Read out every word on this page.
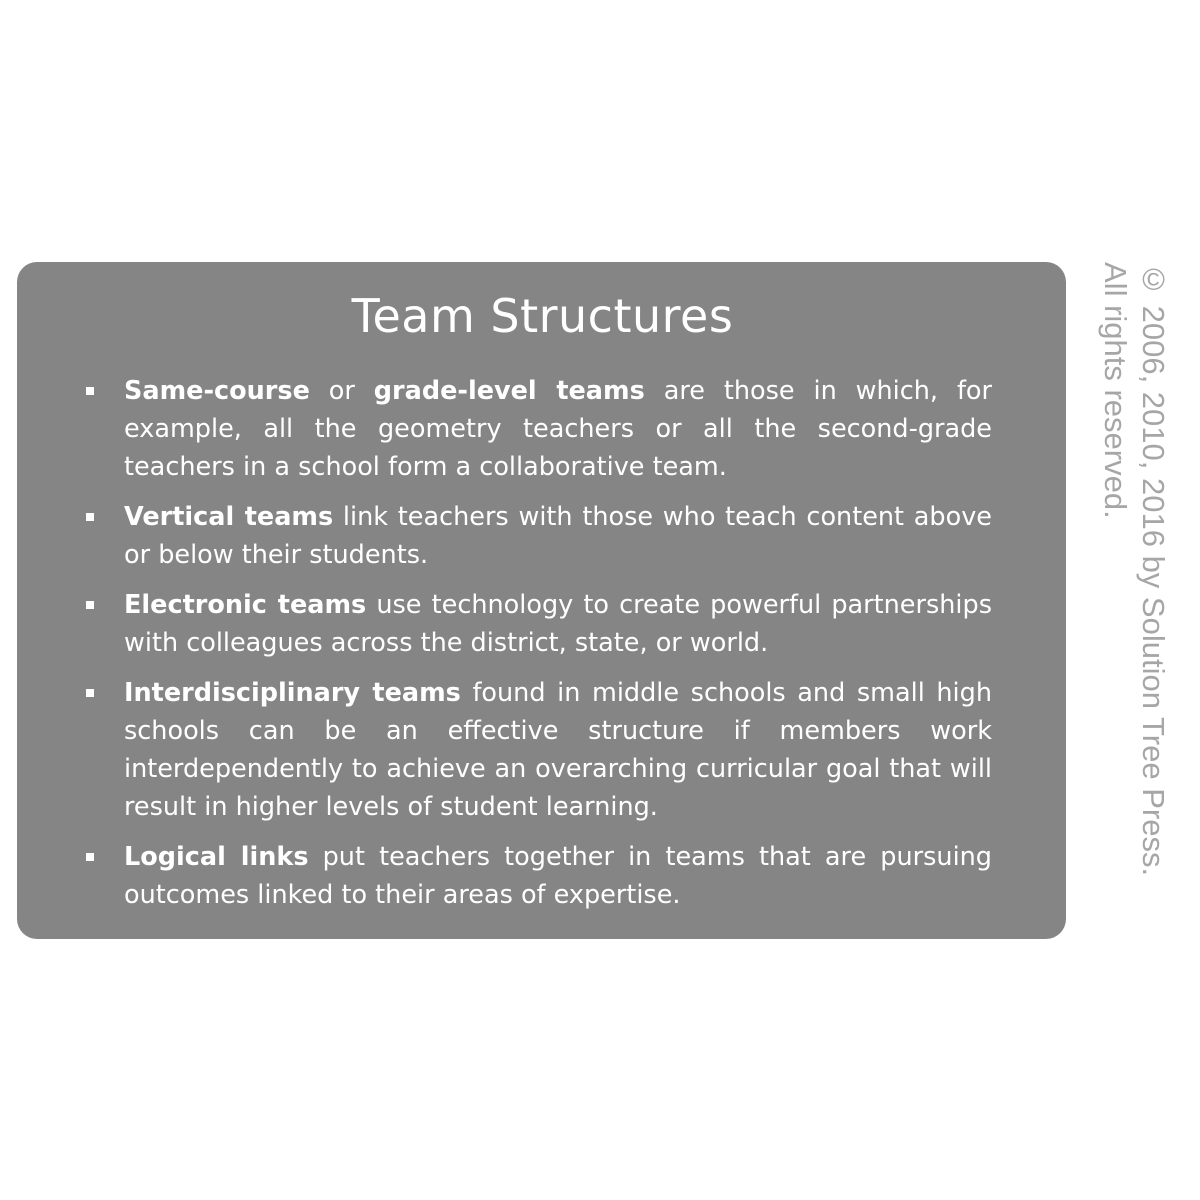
Team Structures
Same-course or grade-level teams are those in which, for example, all the geometry teachers or all the second-grade teachers in a school form a collaborative team.
Vertical teams link teachers with those who teach content above or below their students.
Electronic teams use technology to create powerful partnerships with colleagues across the district, state, or world.
Interdisciplinary teams found in middle schools and small high schools can be an effective structure if members work interdependently to achieve an overarching curricular goal that will result in higher levels of student learning.
Logical links put teachers together in teams that are pursuing outcomes linked to their areas of expertise.
© 2006, 2010, 2016 by Solution Tree Press.
All rights reserved.
